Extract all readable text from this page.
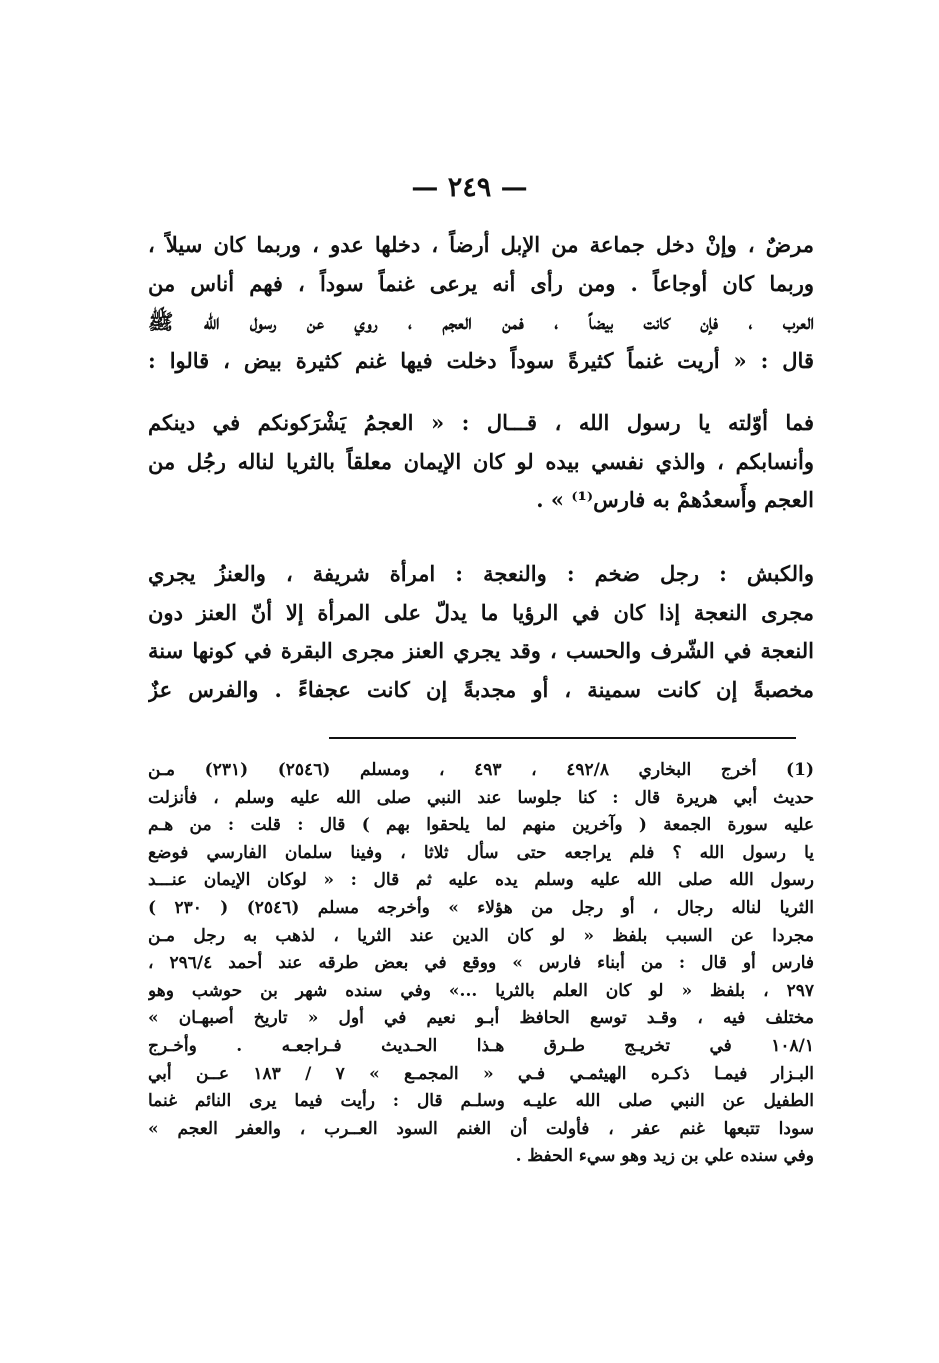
— ٢٤٩ —
مرضٌ ، وإنْ دخل جماعة من الإبل أرضاً ، دخلها عدو ، وربما كان سيلاً ،
وربما كان أوجاعاً . ومن رأى أنه يرعى غنماً سوداً ، فهم أناس من
العرب ، فإن كانت بيضاً ، فمن العجم ، روي عن رسول الله ﷺ
قال : « أريت غنماً كثيرةً سوداً دخلت فيها غنم كثيرة بيض ، قالوا :
فما أوّلته يا رسول الله ، قـــال : « العجمُ يَشْرَكونكم في دينكم
وأنسابكم ، والذي نفسي بيده لو كان الإيمان معلقاً بالثريا لناله رجُل من
العجم وأَسعدُهمْ به فارس⁽¹⁾ » .
والكبش : رجل ضخم : والنعجة : امرأة شريفة ، والعنزُ يجري
مجرى النعجة إذا كان في الرؤيا ما يدلّ على المرأة إلا أنّ العنز دون
النعجة في الشّرف والحسب ، وقد يجري العنز مجرى البقرة في كونها سنة
مخصبةً إن كانت سمينة ، أو مجدبةً إن كانت عجفاءً . والفرس عزٌ
(1) أخرج البخاري ٤٩٢/٨ ، ٤٩٣ ، ومسلم (٢٥٤٦) (٢٣١) مـن
حديث أبي هريرة قال : كنا جلوسا عند النبي صلى الله عليه وسلم ، فأنزلت
عليه سورة الجمعة ( وآخرين منهم لما يلحقوا بهم ) قال : قلت : من هـم
يا رسول الله ؟ فلم يراجعه حتى سأل ثلاثا ، وفينا سلمان الفارسي فوضع
رسول الله صلى الله عليه وسلم يده عليه ثم قال : « لوكان الإيمان عنـــد
الثريا لناله رجال ، أو رجل من هؤلاء » وأخرجه مسلم (٢٥٤٦) ( ٢٣٠ )
مجردا عن السبب بلفظ « لو كان الدين عند الثريا ، لذهب به رجل مـن
فارس أو قال : من أبناء فارس » ووقع في بعض طرقه عند أحمد ٢٩٦/٤ ،
٢٩٧ ، بلفظ « لو كان العلم بالثريا ...» وفي سنده شهر بن حوشب وهو
مختلف فيه ، وقـد توسع الحافظ أبـو نعيم في أول « تاريخ أصبهـان »
١٠٨/١ في تخريـج طـرق هـذا الحـديث فـراجعـه . وأخـرج
البـزار فيمـا ذكـره الهيثمـي فـي « المجمـع » ٧ / ١٨٣ عــن أبي
الطفيل عن النبي صلى الله عليـه وسلـم قال : رأيت فيما يرى النائم غنما
سودا تتبعها غنم عفر ، فأولت أن الغنم السود العــرب ، والعفر العجم »
وفي سنده علي بن زيد وهو سيء الحفظ .
